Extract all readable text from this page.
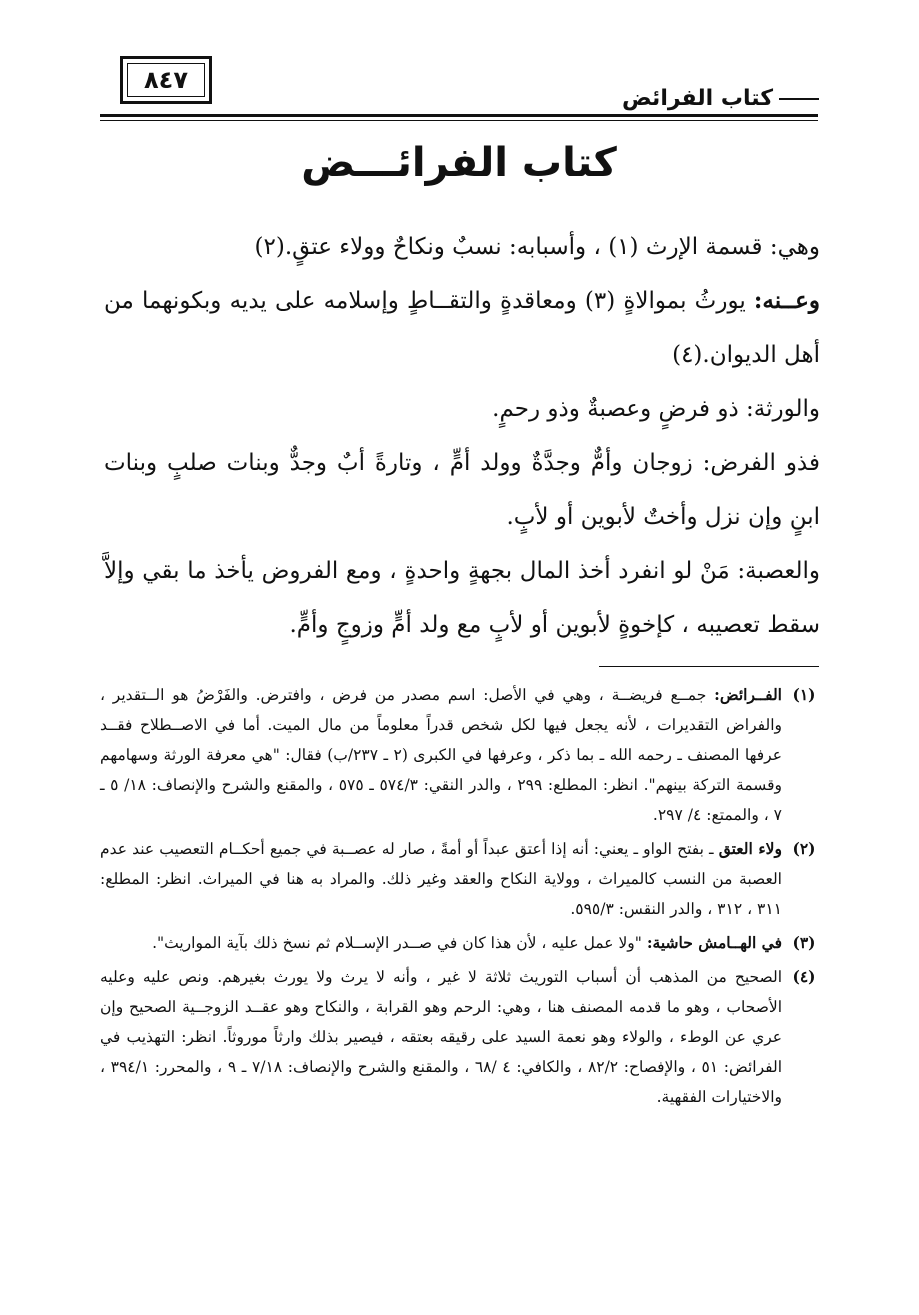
٨٤٧
كتاب الفرائض
كتاب الفرائـــض

وهي: قسمة الإرث (١) ، وأسبابه: نسبٌ ونكاحٌ وولاء عتقٍ.(٢)

وعــنه: يورثُ بموالاةٍ (٣) ومعاقدةٍ والتقــاطٍ وإسلامه على يديه وبكونهما من أهل الديوان.(٤)

والورثة: ذو فرضٍ وعصبةٌ وذو رحمٍ.

فذو الفرض: زوجان وأمٌّ وجدَّةٌ وولد أمٍّ ، وتارةً أبٌ وجدٌّ وبنات صلبٍ وبنات ابنٍ وإن نزل وأختٌ لأبوين أو لأبٍ.

والعصبة: مَنْ لو انفرد أخذ المال بجهةٍ واحدةٍ ، ومع الفروض يأخذ ما بقي وإلاَّ سقط تعصيبه ، كإخوةٍ لأبوين أو لأبٍ مع ولد أمٍّ وزوجٍ وأمٍّ.

(١)
الفــرائض: جمــع فريضــة ، وهي في الأصل: اسم مصدر من فرض ، وافترض. والفَرْضُ هو الــتقدير ، والفراض التقديرات ، لأنه يجعل فيها لكل شخص قدراً معلوماً من مال الميت. أما في الاصــطلاح فقــد عرفها المصنف ـ رحمه الله ـ بما ذكر ، وعرفها في الكبرى (٢ ـ ٢٣٧/ب) فقال: "هي معرفة الورثة وسهامهم وقسمة التركة بينهم". انظر: المطلع: ٢٩٩ ، والدر النقي: ٥٧٤/٣ ـ ٥٧٥ ، والمقنع والشرح والإنصاف: ١٨/ ٥ ـ ٧ ، والممتع: ٤/ ٢٩٧.
(٢)
ولاء العتق ـ بفتح الواو ـ يعني: أنه إذا أعتق عبداً أو أمةً ، صار له عصــبة في جميع أحكــام التعصيب عند عدم العصبة من النسب كالميراث ، وولاية النكاح والعقد وغير ذلك. والمراد به هنا في الميراث. انظر: المطلع: ٣١١ ، ٣١٢ ، والدر النقس: ٥٩٥/٣.
(٣)
في الهــامش حاشية: "ولا عمل عليه ، لأن هذا كان في صــدر الإســلام ثم نسخ ذلك بآية المواريث".
(٤)
الصحيح من المذهب أن أسباب التوريث ثلاثة لا غير ، وأنه لا يرث ولا يورث بغيرهم. ونص عليه وعليه الأصحاب ، وهو ما قدمه المصنف هنا ، وهي: الرحم وهو القرابة ، والنكاح وهو عقــد الزوجــية الصحيح وإن عري عن الوطء ، والولاء وهو نعمة السيد على رقيقه بعتقه ، فيصير بذلك وارثاً موروثاً. انظر: التهذيب في الفرائض: ٥١ ، والإفصاح: ٨٢/٢ ، والكافي: ٤ /٦٨ ، والمقنع والشرح والإنصاف: ٧/١٨ ـ ٩ ، والمحرر: ٣٩٤/١ ، والاختيارات الفقهية.
